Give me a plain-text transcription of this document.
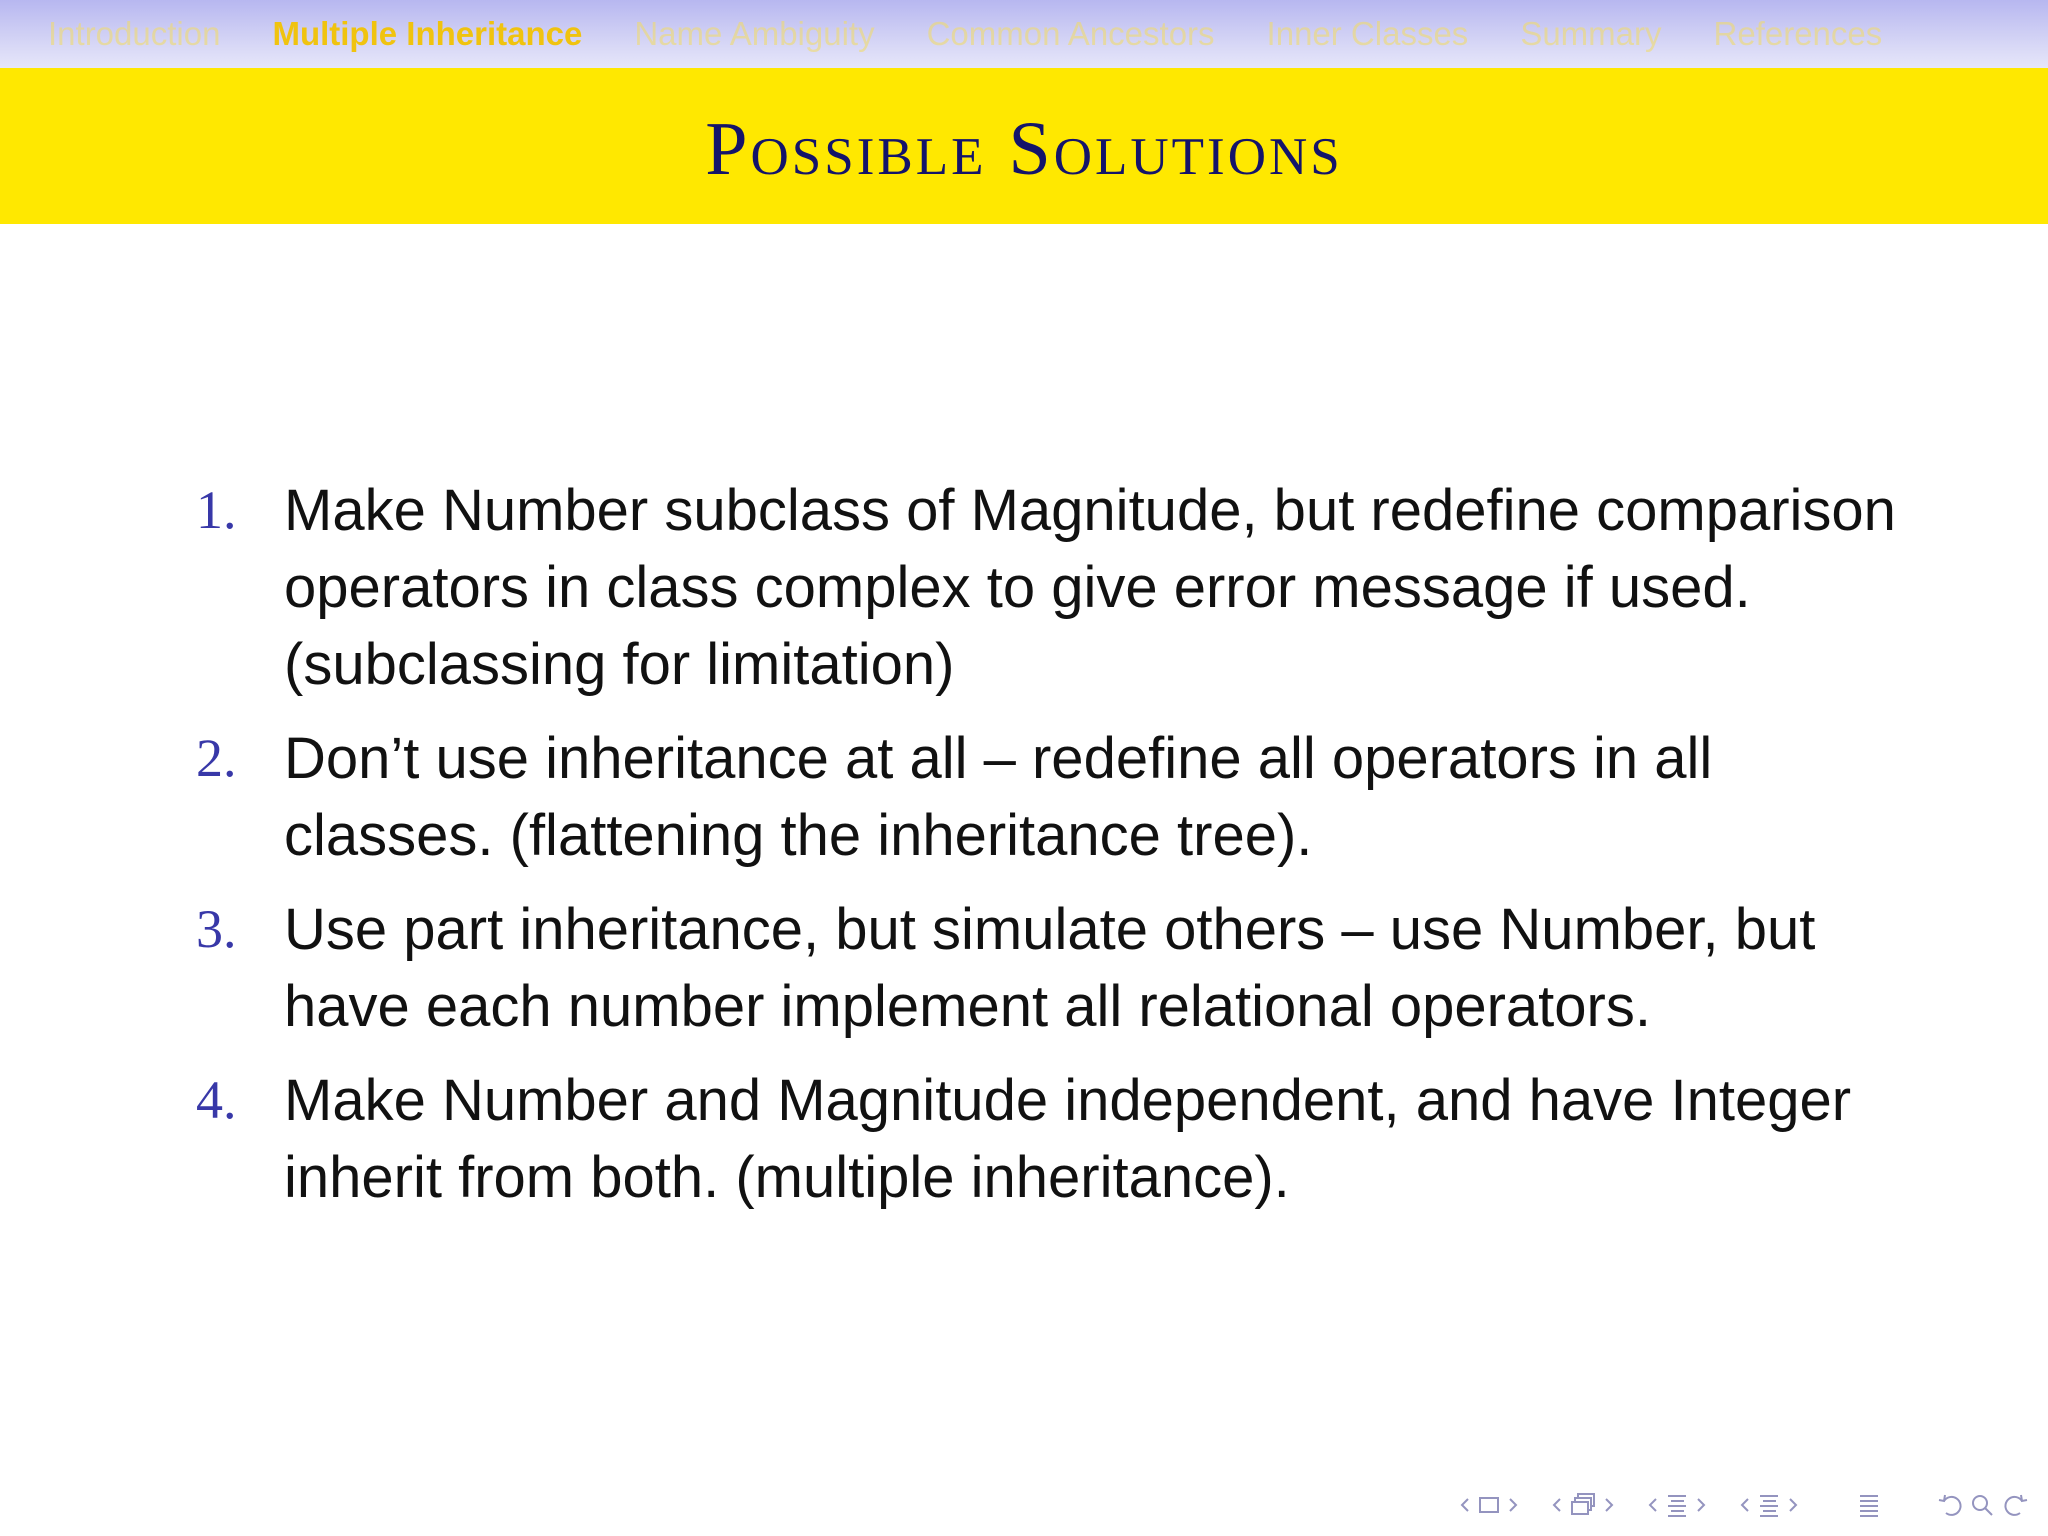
Introduction Multiple Inheritance Name Ambiguity Common Ancestors Inner Classes Summary References
Possible Solutions
1. Make Number subclass of Magnitude, but redefine comparison operators in class complex to give error message if used. (subclassing for limitation)
2. Don’t use inheritance at all – redefine all operators in all classes. (flattening the inheritance tree).
3. Use part inheritance, but simulate others – use Number, but have each number implement all relational operators.
4. Make Number and Magnitude independent, and have Integer inherit from both. (multiple inheritance).
